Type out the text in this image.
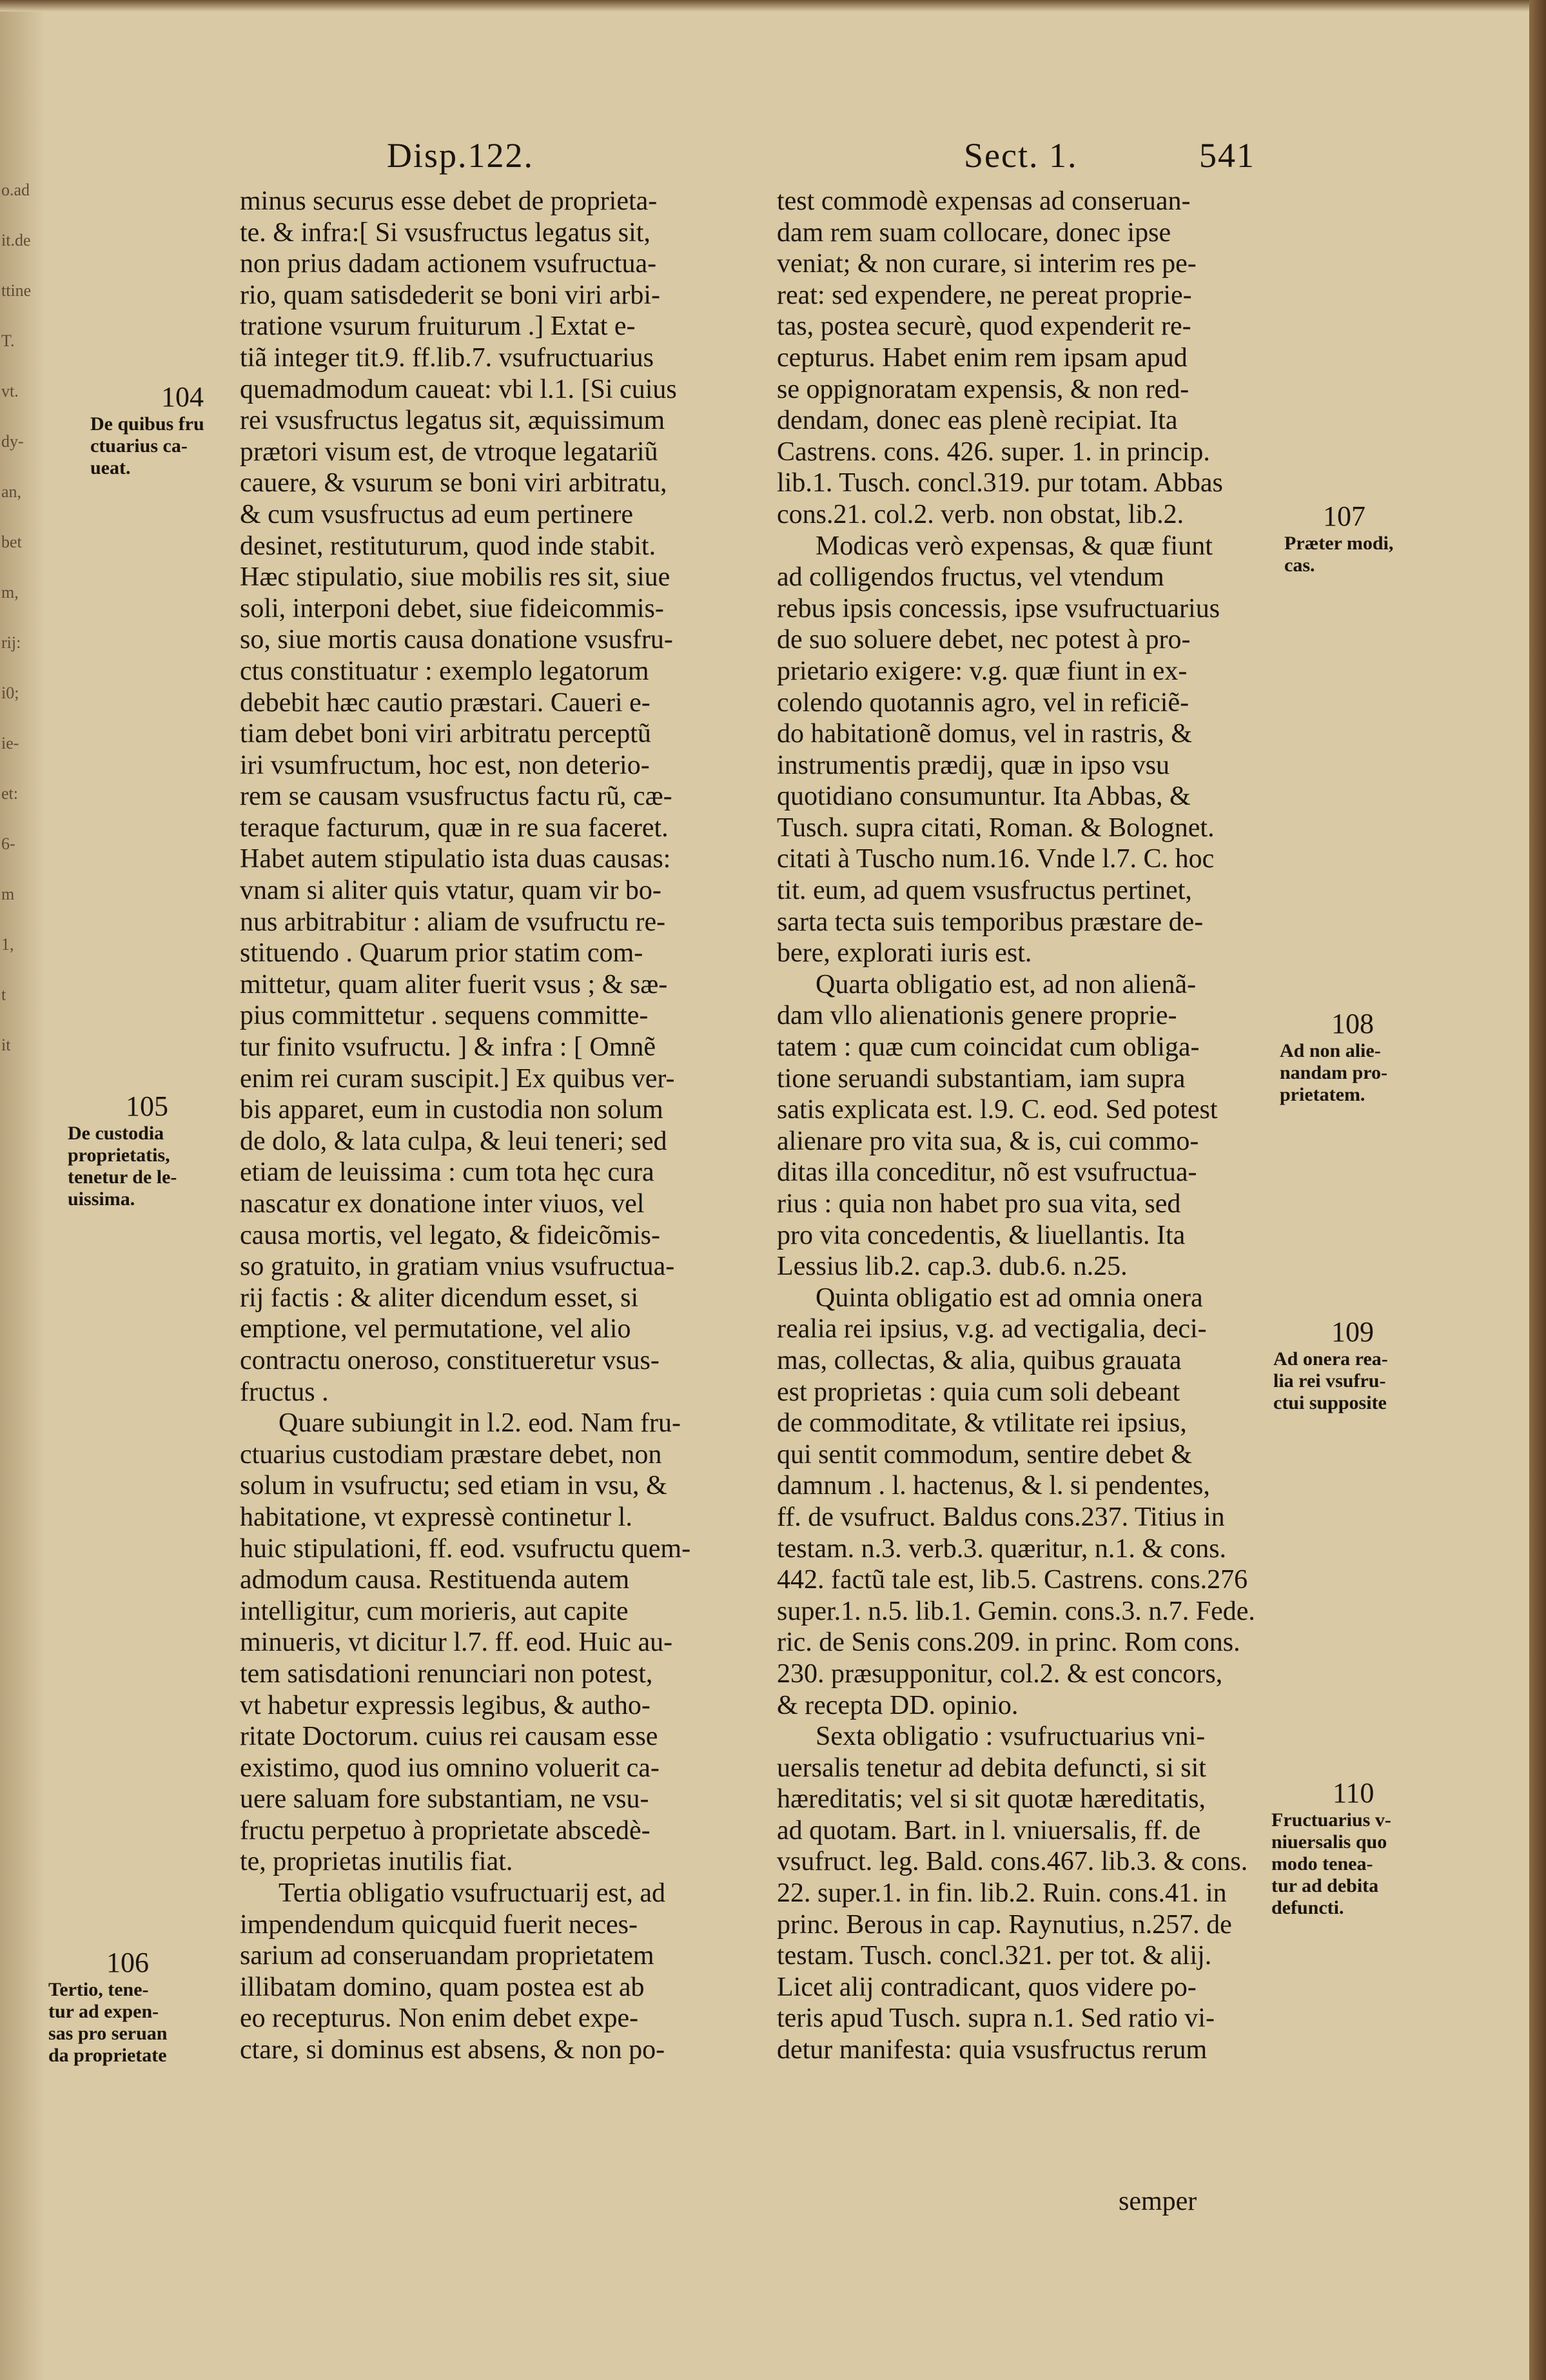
o.ad
it.de
ttine
T.
vt.
dy-
an,
bet
m,
rij:
i0;
ie-
et:
6-
m
1,
t
it
Disp.122.	Sect. 1.	541
minus securus esse debet de proprieta-
te. & infra:[ Si vsusfructus legatus sit,
non prius dadam actionem vsufructua-
rio, quam satisdederit se boni viri arbi-
tratione vsurum fruiturum .] Extat e-
tiã integer tit.9. ff.lib.7. vsufructuarius
quemadmodum caueat: vbi l.1. [Si cuius
rei vsusfructus legatus sit, æquissimum
prætori visum est, de vtroque legatariũ
cauere, & vsurum se boni viri arbitratu,
& cum vsusfructus ad eum pertinere
desinet, restituturum, quod inde stabit.
Hæc stipulatio, siue mobilis res sit, siue
soli, interponi debet, siue fideicommis-
so, siue mortis causa donatione vsusfru-
ctus constituatur : exemplo legatorum
debebit hæc cautio præstari. Caueri e-
tiam debet boni viri arbitratu perceptũ
iri vsumfructum, hoc est, non deterio-
rem se causam vsusfructus factu rũ, cæ-
teraque facturum, quæ in re sua faceret.
Habet autem stipulatio ista duas causas:
vnam si aliter quis vtatur, quam vir bo-
nus arbitrabitur : aliam de vsufructu re-
stituendo . Quarum prior statim com-
mittetur, quam aliter fuerit vsus ; & sæ-
pius committetur . sequens committe-
tur finito vsufructu. ] & infra : [ Omnẽ
enim rei curam suscipit.] Ex quibus ver-
bis apparet, eum in custodia non solum
de dolo, & lata culpa, & leui teneri; sed
etiam de leuissima : cum tota hęc cura
nascatur ex donatione inter viuos, vel
causa mortis, vel legato, & fideicõmis-
so gratuito, in gratiam vnius vsufructua-
rij factis : & aliter dicendum esset, si
emptione, vel permutatione, vel alio
contractu oneroso, constitueretur vsus-
fructus .
Quare subiungit in l.2. eod. Nam fru-
ctuarius custodiam præstare debet, non
solum in vsufructu; sed etiam in vsu, &
habitatione, vt expressè continetur l.
huic stipulationi, ff. eod. vsufructu quem-
admodum causa. Restituenda autem
intelligitur, cum morieris, aut capite
minueris, vt dicitur l.7. ff. eod. Huic au-
tem satisdationi renunciari non potest,
vt habetur expressis legibus, & autho-
ritate Doctorum. cuius rei causam esse
existimo, quod ius omnino voluerit ca-
uere saluam fore substantiam, ne vsu-
fructu perpetuo à proprietate abscedè-
te, proprietas inutilis fiat.
Tertia obligatio vsufructuarij est, ad
impendendum quicquid fuerit neces-
sarium ad conseruandam proprietatem
illibatam domino, quam postea est ab
eo recepturus. Non enim debet expe-
ctare, si dominus est absens, & non po-
test commodè expensas ad conseruan-
dam rem suam collocare, donec ipse
veniat; & non curare, si interim res pe-
reat: sed expendere, ne pereat proprie-
tas, postea securè, quod expenderit re-
cepturus. Habet enim rem ipsam apud
se oppignoratam expensis, & non red-
dendam, donec eas plenè recipiat. Ita
Castrens. cons. 426. super. 1. in princip.
lib.1. Tusch. concl.319. pur totam. Abbas
cons.21. col.2. verb. non obstat, lib.2.
Modicas verò expensas, & quæ fiunt
ad colligendos fructus, vel vtendum
rebus ipsis concessis, ipse vsufructuarius
de suo soluere debet, nec potest à pro-
prietario exigere: v.g. quæ fiunt in ex-
colendo quotannis agro, vel in reficiẽ-
do habitationẽ domus, vel in rastris, &
instrumentis prædij, quæ in ipso vsu
quotidiano consumuntur. Ita Abbas, &
Tusch. supra citati, Roman. & Bolognet.
citati à Tuscho num.16. Vnde l.7. C. hoc
tit. eum, ad quem vsusfructus pertinet,
sarta tecta suis temporibus præstare de-
bere, explorati iuris est.
Quarta obligatio est, ad non alienã-
dam vllo alienationis genere proprie-
tatem : quæ cum coincidat cum obliga-
tione seruandi substantiam, iam supra
satis explicata est. l.9. C. eod. Sed potest
alienare pro vita sua, & is, cui commo-
ditas illa conceditur, nõ est vsufructua-
rius : quia non habet pro sua vita, sed
pro vita concedentis, & liuellantis. Ita
Lessius lib.2. cap.3. dub.6. n.25.
Quinta obligatio est ad omnia onera
realia rei ipsius, v.g. ad vectigalia, deci-
mas, collectas, & alia, quibus grauata
est proprietas : quia cum soli debeant
de commoditate, & vtilitate rei ipsius,
qui sentit commodum, sentire debet &
damnum . l. hactenus, & l. si pendentes,
ff. de vsufruct. Baldus cons.237. Titius in
testam. n.3. verb.3. quæritur, n.1. & cons.
442. factũ tale est, lib.5. Castrens. cons.276
super.1. n.5. lib.1. Gemin. cons.3. n.7. Fede.
ric. de Senis cons.209. in princ. Rom cons.
230. præsupponitur, col.2. & est concors,
& recepta DD. opinio.
Sexta obligatio : vsufructuarius vni-
uersalis tenetur ad debita defuncti, si sit
hæreditatis; vel si sit quotæ hæreditatis,
ad quotam. Bart. in l. vniuersalis, ff. de
vsufruct. leg. Bald. cons.467. lib.3. & cons.
22. super.1. in fin. lib.2. Ruin. cons.41. in
princ. Berous in cap. Raynutius, n.257. de
testam. Tusch. concl.321. per tot. & alij.
Licet alij contradicant, quos videre po-
teris apud Tusch. supra n.1. Sed ratio vi-
detur manifesta: quia vsusfructus rerum
semper
104
De quibus fru
ctuarius ca-
ueat.
105
De custodia
proprietatis,
tenetur de le-
uissima.
106
Tertio, tene-
tur ad expen-
sas pro seruan
da proprietate
107
Præter modi,
cas.
108
Ad non alie-
nandam pro-
prietatem.
109
Ad onera rea-
lia rei vsufru-
ctui supposite
110
Fructuarius v-
niuersalis quo
modo tenea-
tur ad debita
defuncti.
